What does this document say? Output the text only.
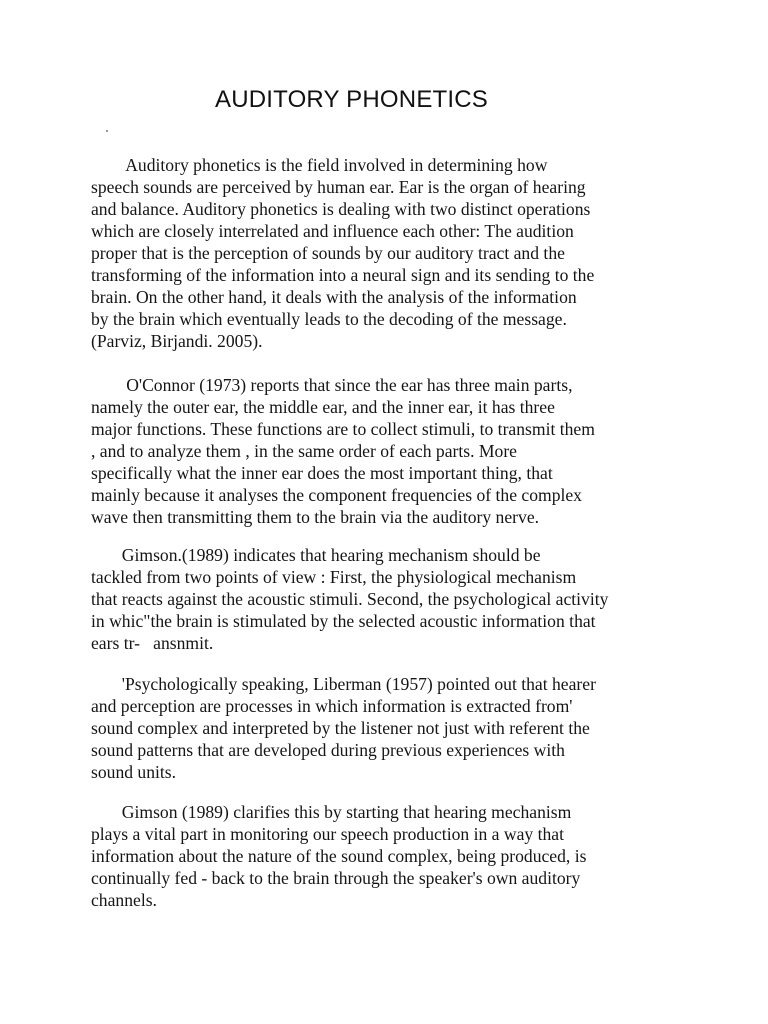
AUDITORY PHONETICS

Auditory phonetics is the field involved in determining how
speech sounds are perceived by human ear. Ear is the organ of hearing
and balance. Auditory phonetics is dealing with two distinct operations
which are closely interrelated and influence each other: The audition
proper that is the perception of sounds by our auditory tract and the
transforming of the information into a neural sign and its sending to the
brain. On the other hand, it deals with the analysis of the information
by the brain which eventually leads to the decoding of the message.
(Parviz, Birjandi. 2005).

O'Connor (1973) reports that since the ear has three main parts,
namely the outer ear, the middle ear, and the inner ear, it has three
major functions. These functions are to collect stimuli, to transmit them
, and to analyze them , in the same order of each parts. More
specifically what the inner ear does the most important thing, that
mainly because it analyses the component frequencies of the complex
wave then transmitting them to the brain via the auditory nerve.

Gimson.(1989) indicates that hearing mechanism should be
tackled from two points of view : First, the physiological mechanism
that reacts against the acoustic stimuli. Second, the psychological activity
in whic"the brain is stimulated by the selected acoustic information that
ears tr-   ansnmit.

'Psychologically speaking, Liberman (1957) pointed out that hearer
and perception are processes in which information is extracted from'
sound complex and interpreted by the listener not just with referent the
sound patterns that are developed during previous experiences with
sound units.

Gimson (1989) clarifies this by starting that hearing mechanism
plays a vital part in monitoring our speech production in a way that
information about the nature of the sound complex, being produced, is
continually fed - back to the brain through the speaker's own auditory
channels.
